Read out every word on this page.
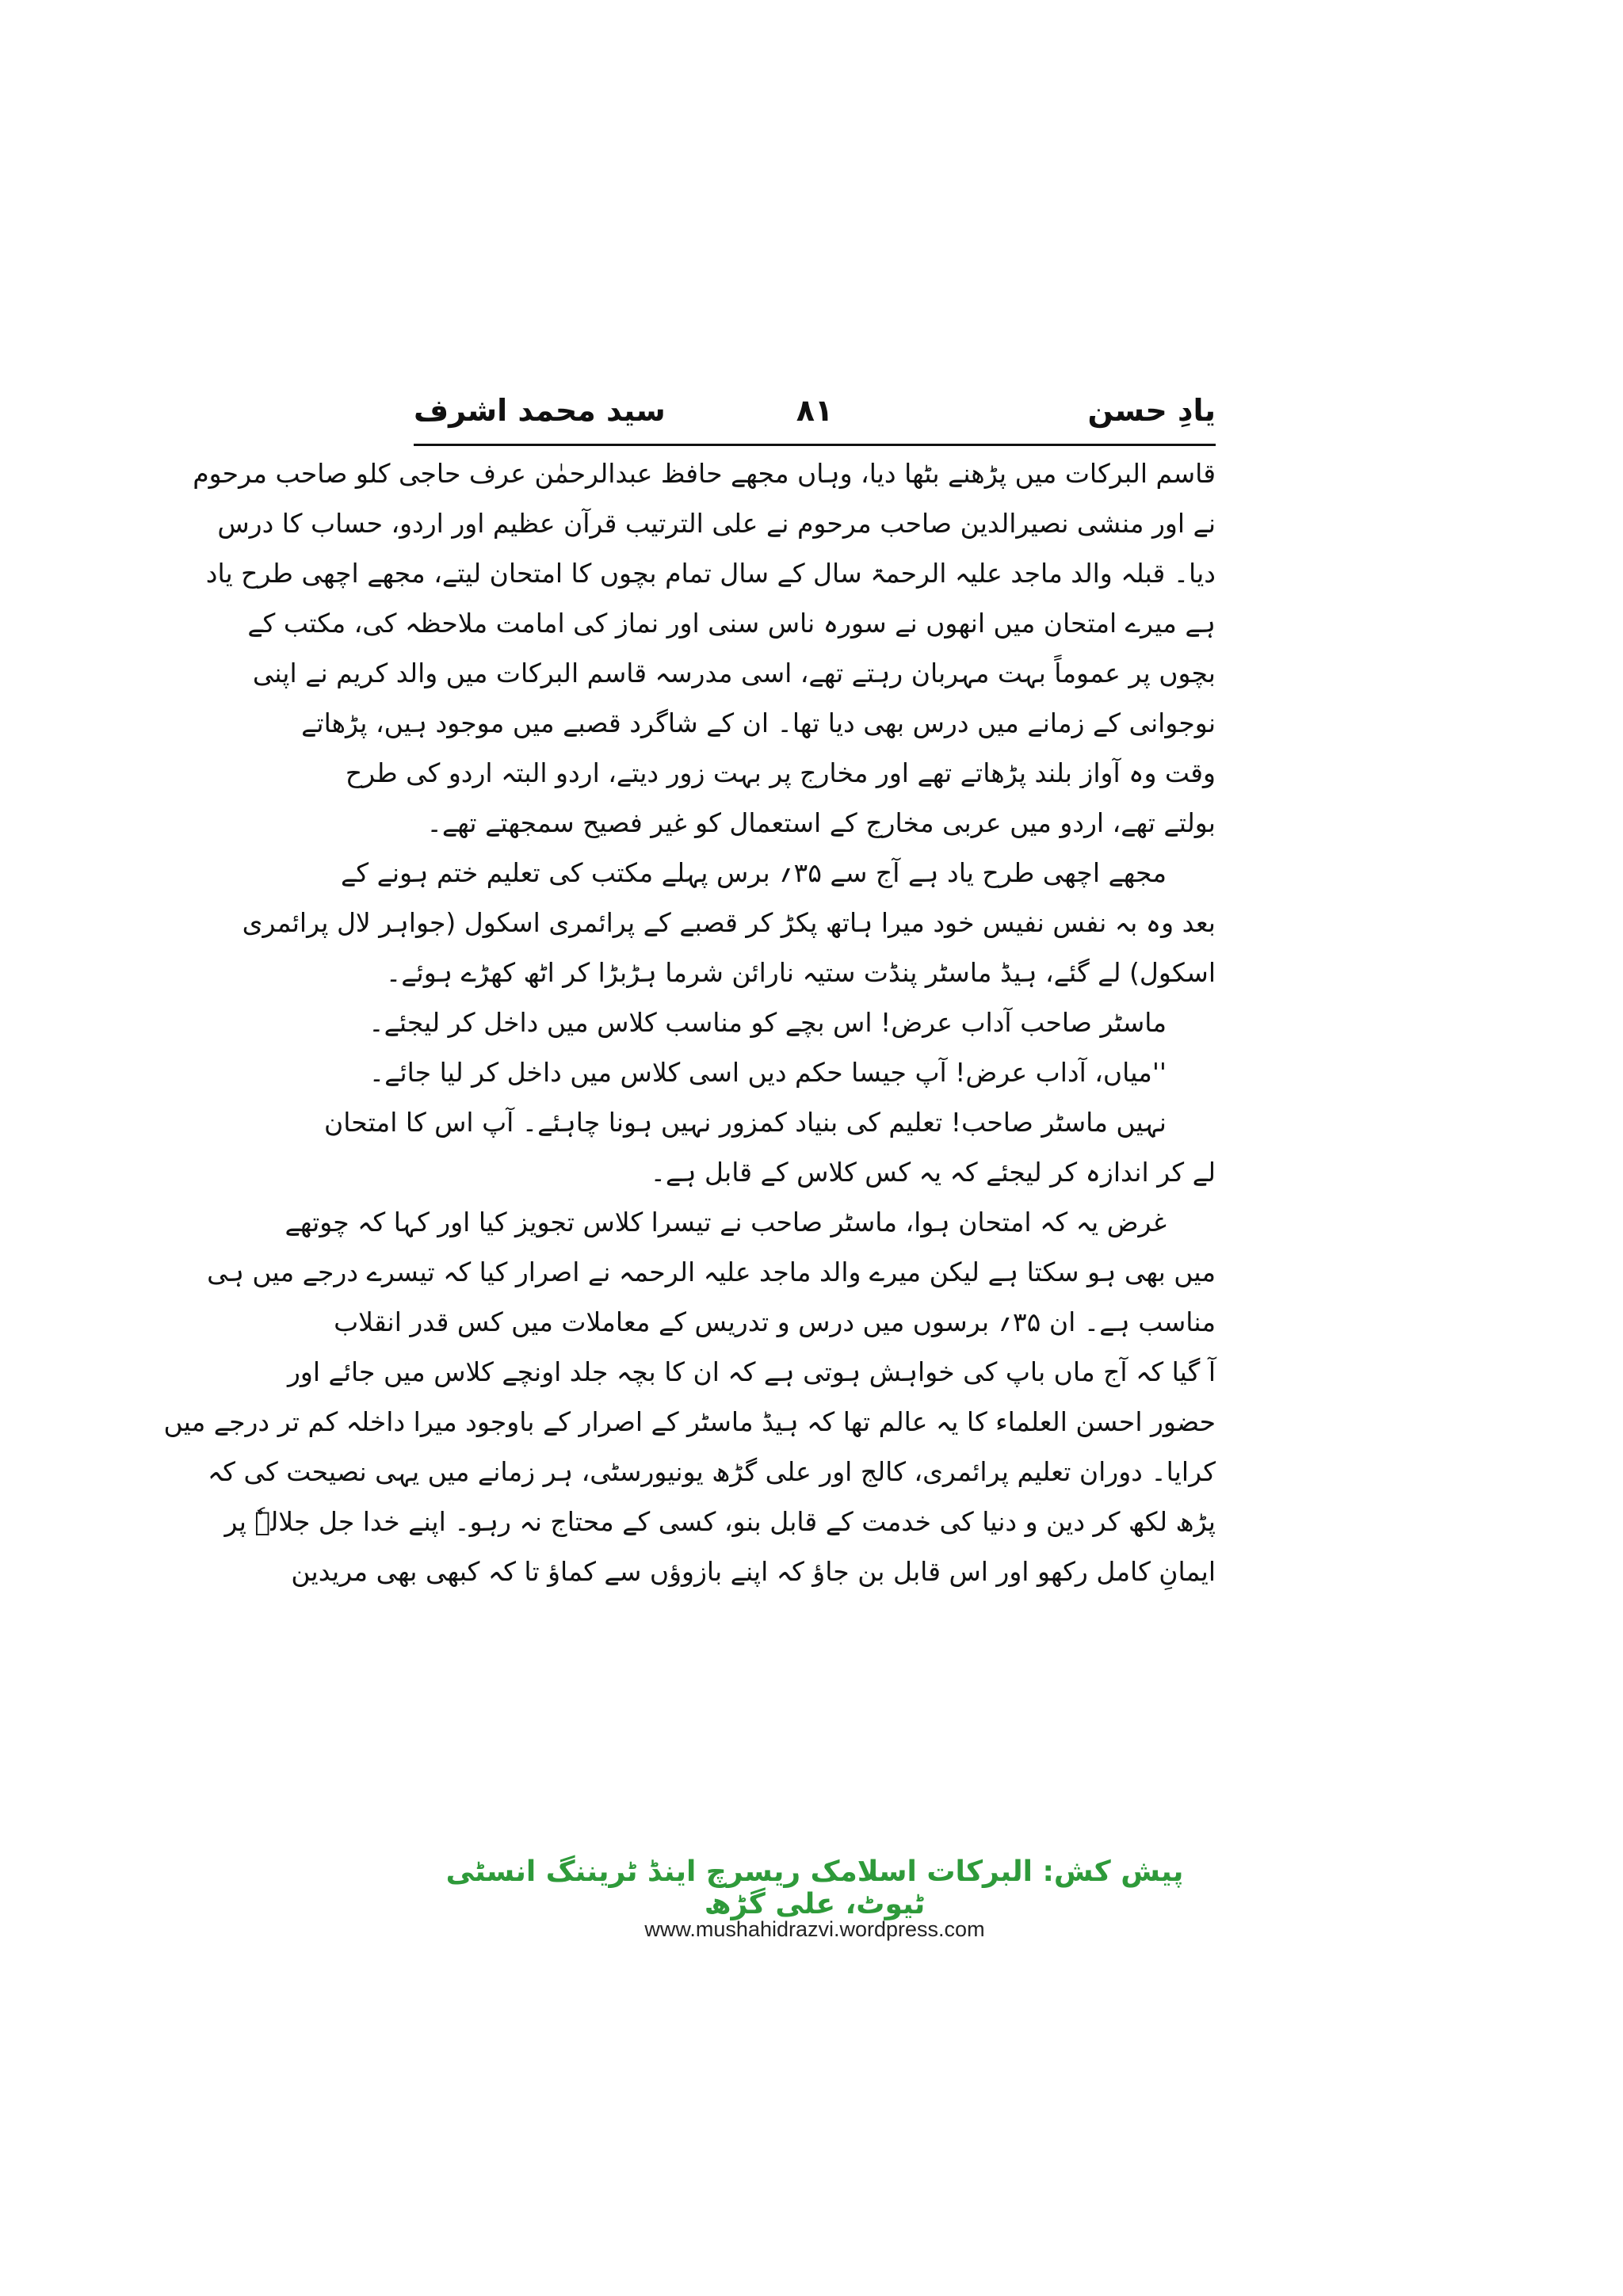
یادِ حسن
۸۱
سید محمد اشرف
قاسم البرکات میں پڑھنے بٹھا دیا، وہاں مجھے حافظ عبدالرحمٰن عرف حاجی کلو صاحب مرحوم
نے اور منشی نصیرالدین صاحب مرحوم نے علی الترتیب قرآن عظیم اور اردو، حساب کا درس
دیا۔ قبلہ والد ماجد علیہ الرحمۃ سال کے سال تمام بچوں کا امتحان لیتے، مجھے اچھی طرح یاد
ہے میرے امتحان میں انھوں نے سورہ ناس سنی اور نماز کی امامت ملاحظہ کی، مکتب کے
بچوں پر عموماً بہت مہربان رہتے تھے، اسی مدرسہ قاسم البرکات میں والد کریم نے اپنی
نوجوانی کے زمانے میں درس بھی دیا تھا۔ ان کے شاگرد قصبے میں موجود ہیں، پڑھاتے
وقت وہ آواز بلند پڑھاتے تھے اور مخارج پر بہت زور دیتے، اردو البتہ اردو کی طرح
بولتے تھے، اردو میں عربی مخارج کے استعمال کو غیر فصیح سمجھتے تھے۔
مجھے اچھی طرح یاد ہے آج سے ۳۵؍ برس پہلے مکتب کی تعلیم ختم ہونے کے
بعد وہ بہ نفس نفیس خود میرا ہاتھ پکڑ کر قصبے کے پرائمری اسکول (جواہر لال پرائمری
اسکول) لے گئے، ہیڈ ماسٹر پنڈت ستیہ نارائن شرما ہڑبڑا کر اٹھ کھڑے ہوئے۔
ماسٹر صاحب آداب عرض! اس بچے کو مناسب کلاس میں داخل کر لیجئے۔
''میاں، آداب عرض! آپ جیسا حکم دیں اسی کلاس میں داخل کر لیا جائے۔
نہیں ماسٹر صاحب! تعلیم کی بنیاد کمزور نہیں ہونا چاہئے۔ آپ اس کا امتحان
لے کر اندازہ کر لیجئے کہ یہ کس کلاس کے قابل ہے۔
غرض یہ کہ امتحان ہوا، ماسٹر صاحب نے تیسرا کلاس تجویز کیا اور کہا کہ چوتھے
میں بھی ہو سکتا ہے لیکن میرے والد ماجد علیہ الرحمہ نے اصرار کیا کہ تیسرے درجے میں ہی
مناسب ہے۔ ان ۳۵؍ برسوں میں درس و تدریس کے معاملات میں کس قدر انقلاب
آ گیا کہ آج ماں باپ کی خواہش ہوتی ہے کہ ان کا بچہ جلد اونچے کلاس میں جائے اور
حضور احسن العلماء کا یہ عالم تھا کہ ہیڈ ماسٹر کے اصرار کے باوجود میرا داخلہ کم تر درجے میں
کرایا۔ دوران تعلیم پرائمری، کالج اور علی گڑھ یونیورسٹی، ہر زمانے میں یہی نصیحت کی کہ
پڑھ لکھ کر دین و دنیا کی خدمت کے قابل بنو، کسی کے محتاج نہ رہو۔ اپنے خدا جل جلالہٗ پر
ایمانِ کامل رکھو اور اس قابل بن جاؤ کہ اپنے بازوؤں سے کماؤ تا کہ کبھی بھی مریدین
پیش کش: البرکات اسلامک ریسرچ اینڈ ٹریننگ انسٹی ٹیوٹ، علی گڑھ
www.mushahidrazvi.wordpress.com
